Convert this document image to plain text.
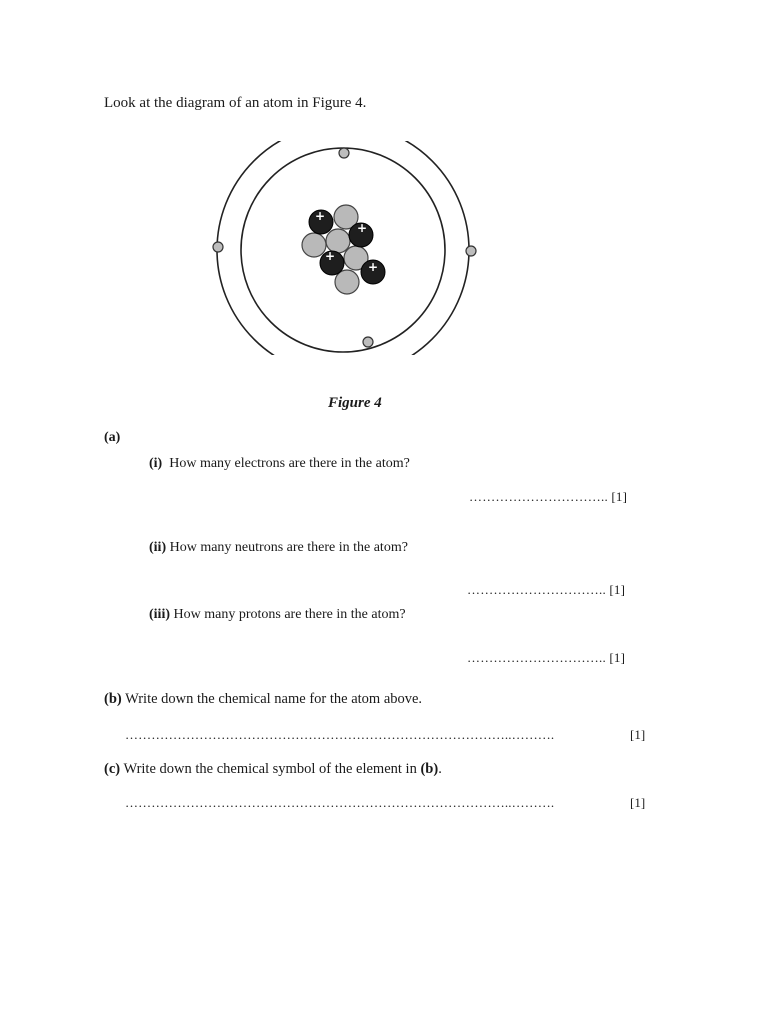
Look at the diagram of an atom in Figure 4.
+
+
+
+
Figure 4
(a)
(i) How many electrons are there in the atom?
………………………….. [1]
(ii) How many neutrons are there in the atom?
………………………….. [1]
(iii) How many protons are there in the atom?
………………………….. [1]
(b) Write down the chemical name for the atom above.
……………………………………………………………………………..……….	[1]
(c) Write down the chemical symbol of the element in (b).
……………………………………………………………………………..……….	[1]
